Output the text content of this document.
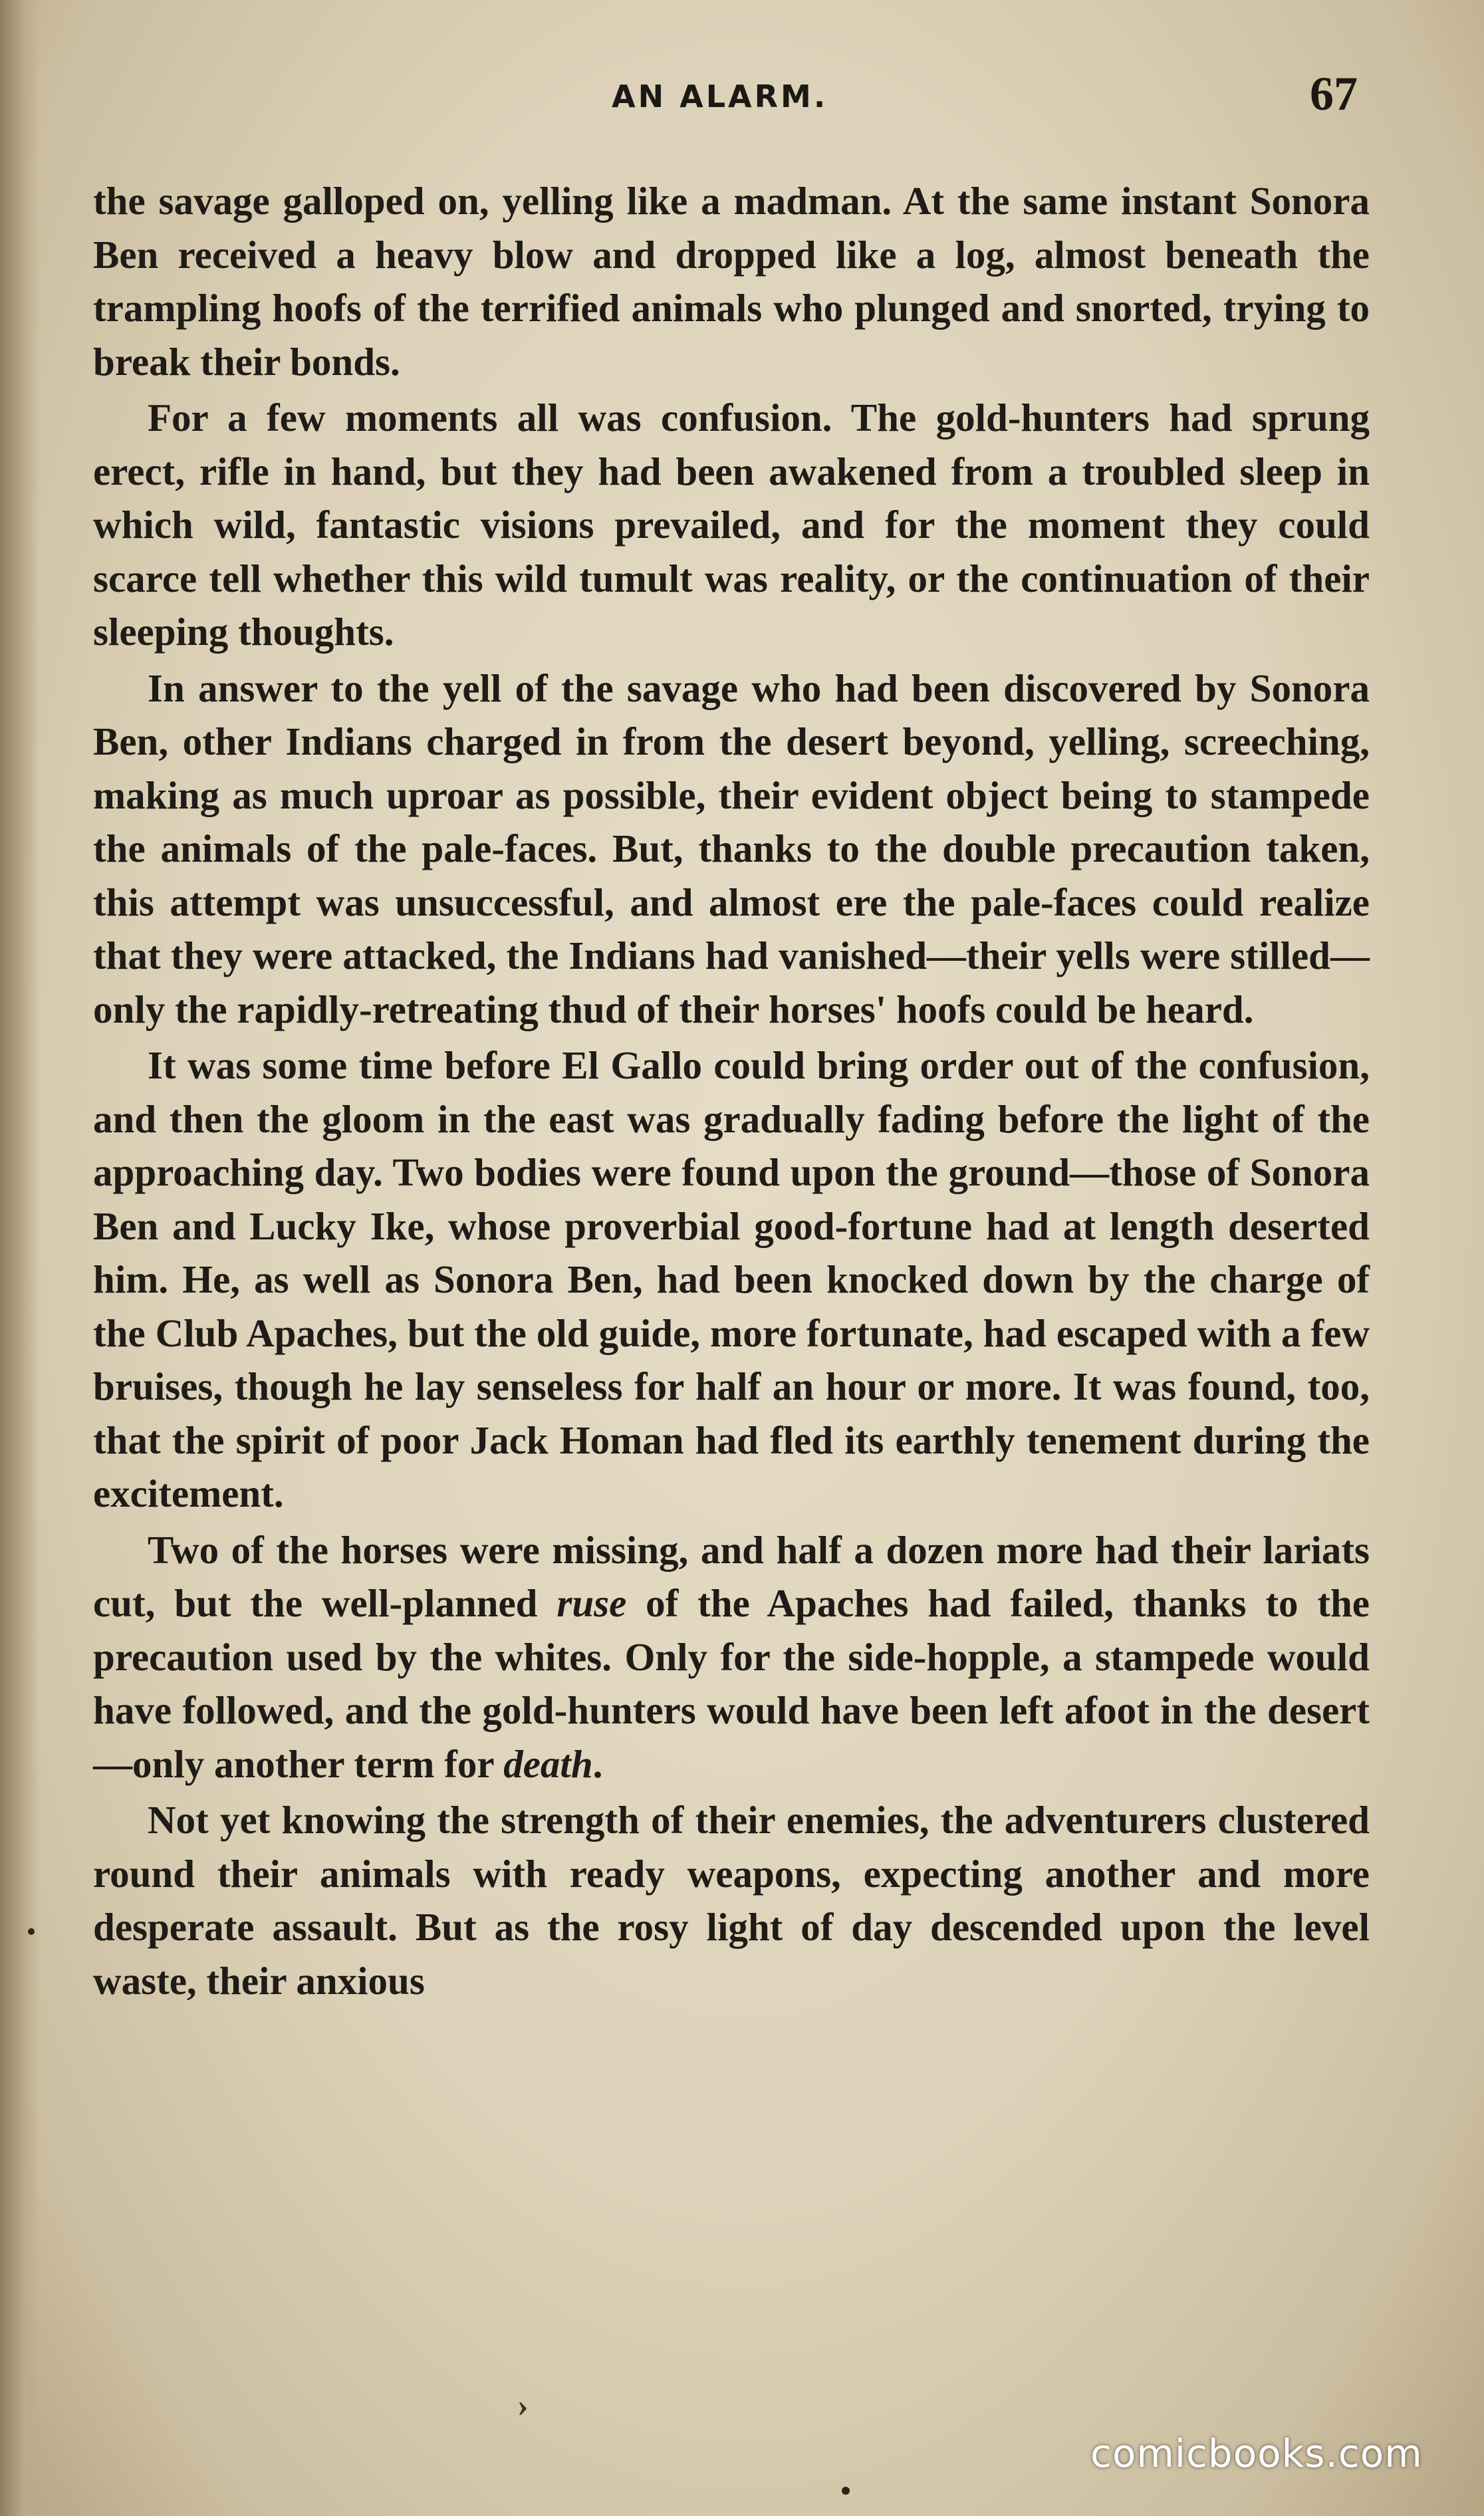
AN ALARM.	67

the savage galloped on, yelling like a madman. At the same instant Sonora Ben received a heavy blow and dropped like a log, almost beneath the trampling hoofs of the terrified animals who plunged and snorted, trying to break their bonds.

For a few moments all was confusion. The gold-hunters had sprung erect, rifle in hand, but they had been awakened from a troubled sleep in which wild, fantastic visions prevailed, and for the moment they could scarce tell whether this wild tumult was reality, or the continuation of their sleeping thoughts.

In answer to the yell of the savage who had been discovered by Sonora Ben, other Indians charged in from the desert beyond, yelling, screeching, making as much uproar as possible, their evident object being to stampede the animals of the pale-faces. But, thanks to the double precaution taken, this attempt was unsuccessful, and almost ere the pale-faces could realize that they were attacked, the Indians had vanished—their yells were stilled—only the rapidly-retreating thud of their horses' hoofs could be heard.

It was some time before El Gallo could bring order out of the confusion, and then the gloom in the east was gradually fading before the light of the approaching day. Two bodies were found upon the ground—those of Sonora Ben and Lucky Ike, whose proverbial good-fortune had at length deserted him. He, as well as Sonora Ben, had been knocked down by the charge of the Club Apaches, but the old guide, more fortunate, had escaped with a few bruises, though he lay senseless for half an hour or more. It was found, too, that the spirit of poor Jack Homan had fled its earthly tenement during the excitement.

Two of the horses were missing, and half a dozen more had their lariats cut, but the well-planned ruse of the Apaches had failed, thanks to the precaution used by the whites. Only for the side-hopple, a stampede would have followed, and the gold-hunters would have been left afoot in the desert—only another term for death.

Not yet knowing the strength of their enemies, the adventurers clustered round their animals with ready weapons, expecting another and more desperate assault. But as the rosy light of day descended upon the level waste, their anxious

›
comicbooks.com
